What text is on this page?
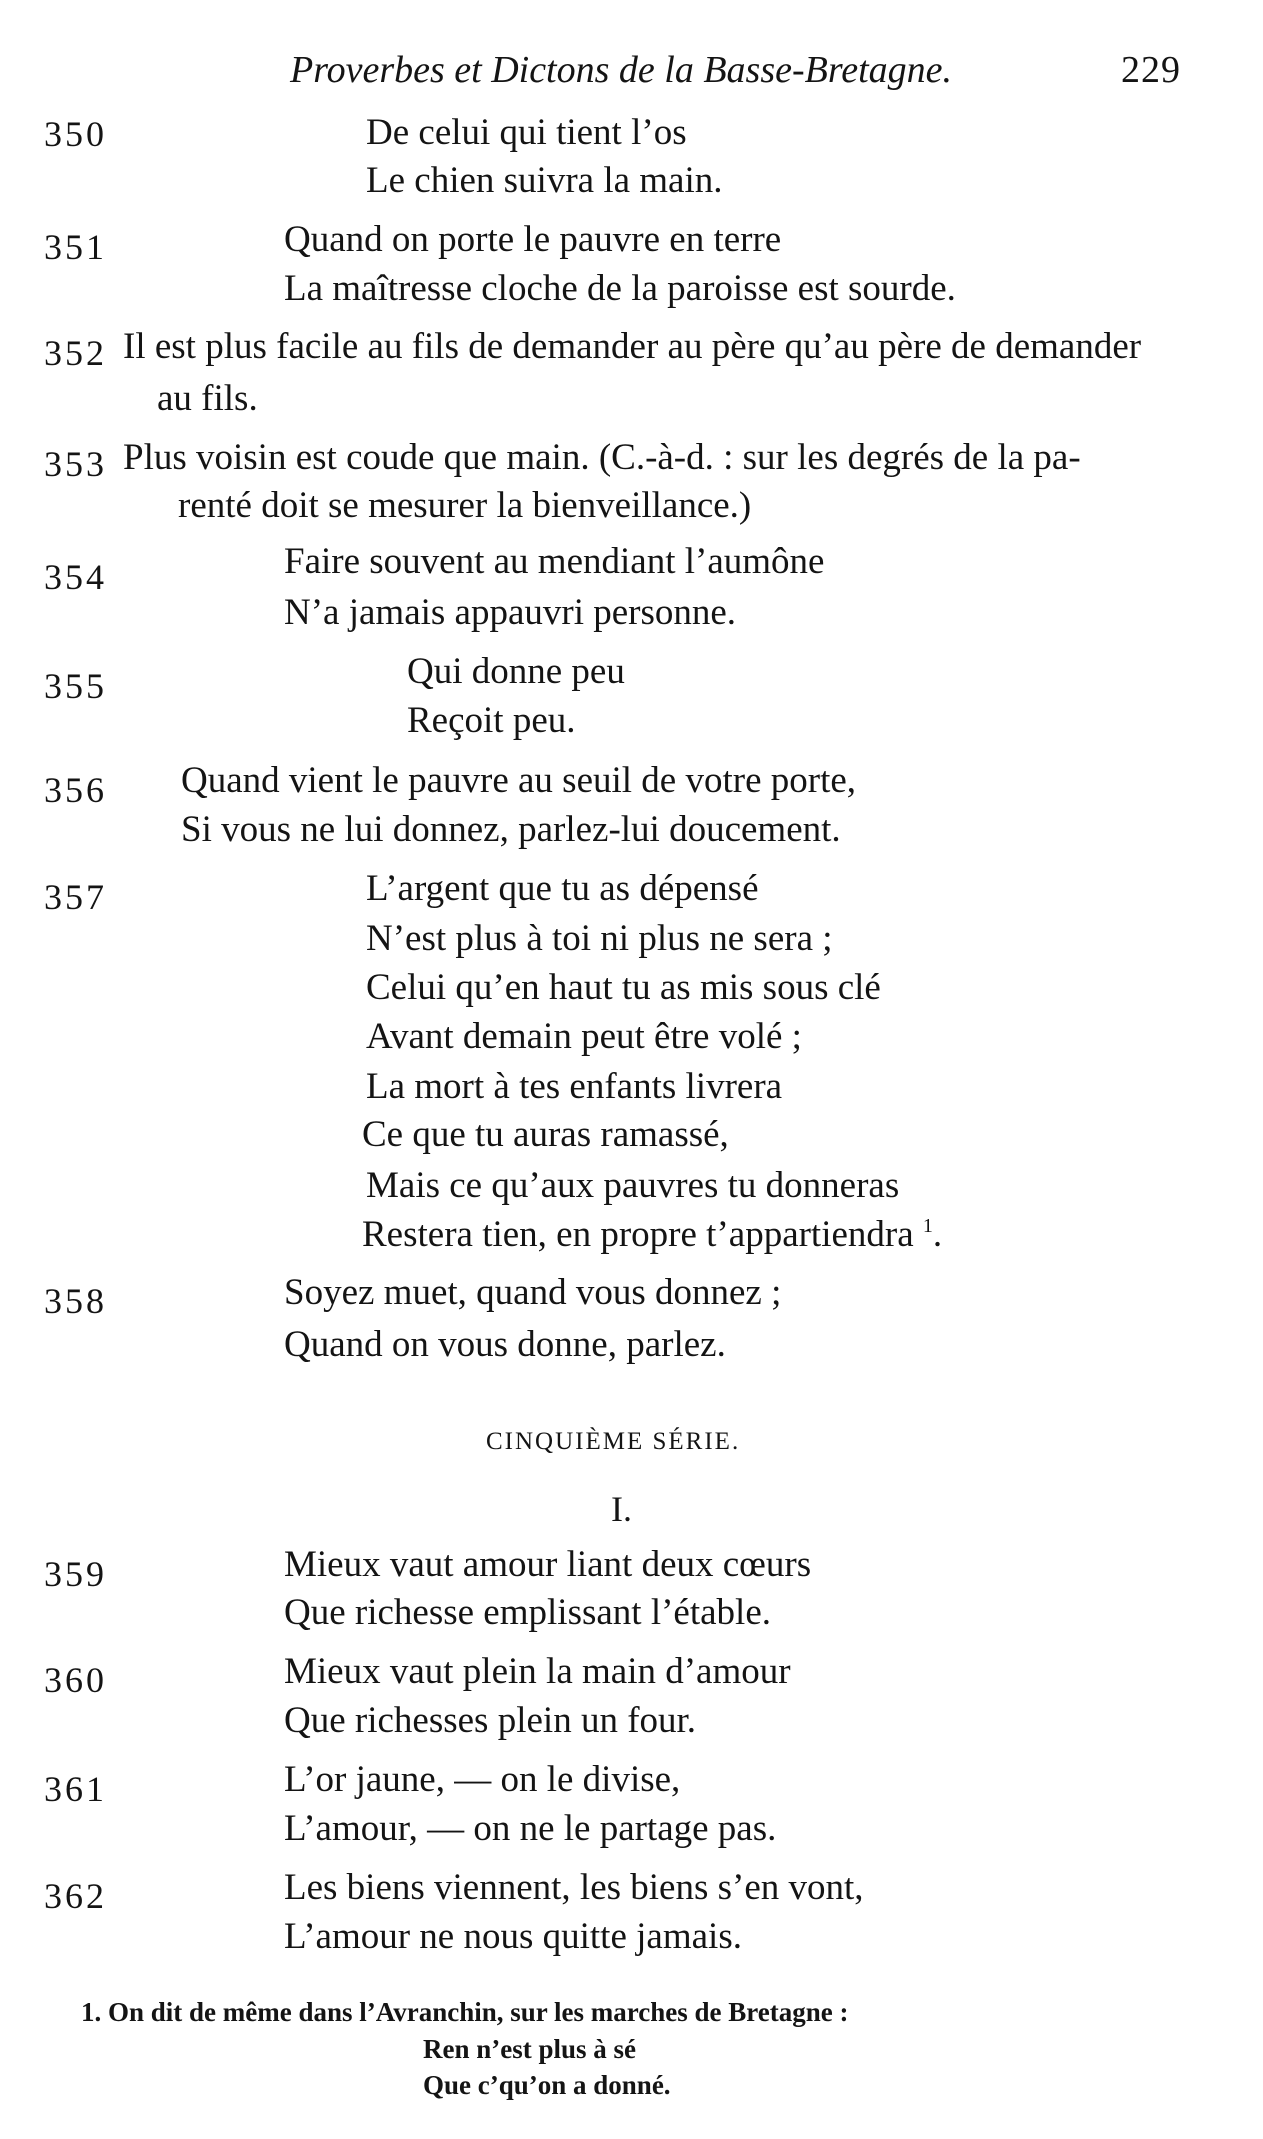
Proverbes et Dictons de la Basse-Bretagne.	229
350	De celui qui tient l’os
Le chien suivra la main.
351	Quand on porte le pauvre en terre
La maîtresse cloche de la paroisse est sourde.
352 Il est plus facile au fils de demander au père qu’au père de demander
au fils.
353 Plus voisin est coude que main. (C.-à-d. : sur les degrés de la pa-
renté doit se mesurer la bienveillance.)
354	Faire souvent au mendiant l’aumône
N’a jamais appauvri personne.
355	Qui donne peu
Reçoit peu.
356 Quand vient le pauvre au seuil de votre porte,
Si vous ne lui donnez, parlez-lui doucement.
357	L’argent que tu as dépensé
N’est plus à toi ni plus ne sera ;
Celui qu’en haut tu as mis sous clé
Avant demain peut être volé ;
La mort à tes enfants livrera
Ce que tu auras ramassé,
Mais ce qu’aux pauvres tu donneras
Restera tien, en propre t’appartiendra $^1$.
358	Soyez muet, quand vous donnez ;
Quand on vous donne, parlez.
CINQUIÈME SÉRIE.
I.
359	Mieux vaut amour liant deux cœurs
Que richesse emplissant l’étable.
360	Mieux vaut plein la main d’amour
Que richesses plein un four.
361	L’or jaune, — on le divise,
L’amour, — on ne le partage pas.
362	Les biens viennent, les biens s’en vont,
L’amour ne nous quitte jamais.
1. On dit de même dans l’Avranchin, sur les marches de Bretagne :
Ren n’est plus à sé
Que c’qu’on a donné.
